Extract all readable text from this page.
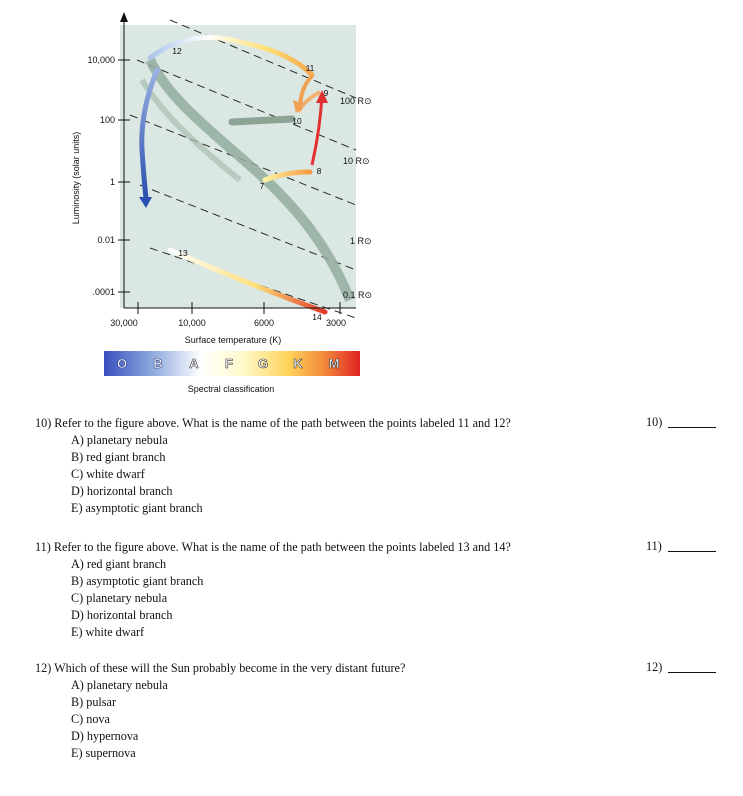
10,000
100
1
0.01
.0001
Luminosity (solar units)
30,000	10,000	6000	3000
Surface temperature (K)
100 R⊙
10 R⊙
1 R⊙
0.1 R⊙
7
8
9
10
11
12
13
14
O B A F G K M
Spectral classification
10) Refer to the figure above. What is the name of the path between the points labeled 11 and 12?
A) planetary nebula
B) red giant branch
C) white dwarf
D) horizontal branch
E) asymptotic giant branch
10)
11) Refer to the figure above. What is the name of the path between the points labeled 13 and 14?
A) red giant branch
B) asymptotic giant branch
C) planetary nebula
D) horizontal branch
E) white dwarf
11)
12) Which of these will the Sun probably become in the very distant future?
A) planetary nebula
B) pulsar
C) nova
D) hypernova
E) supernova
12)
